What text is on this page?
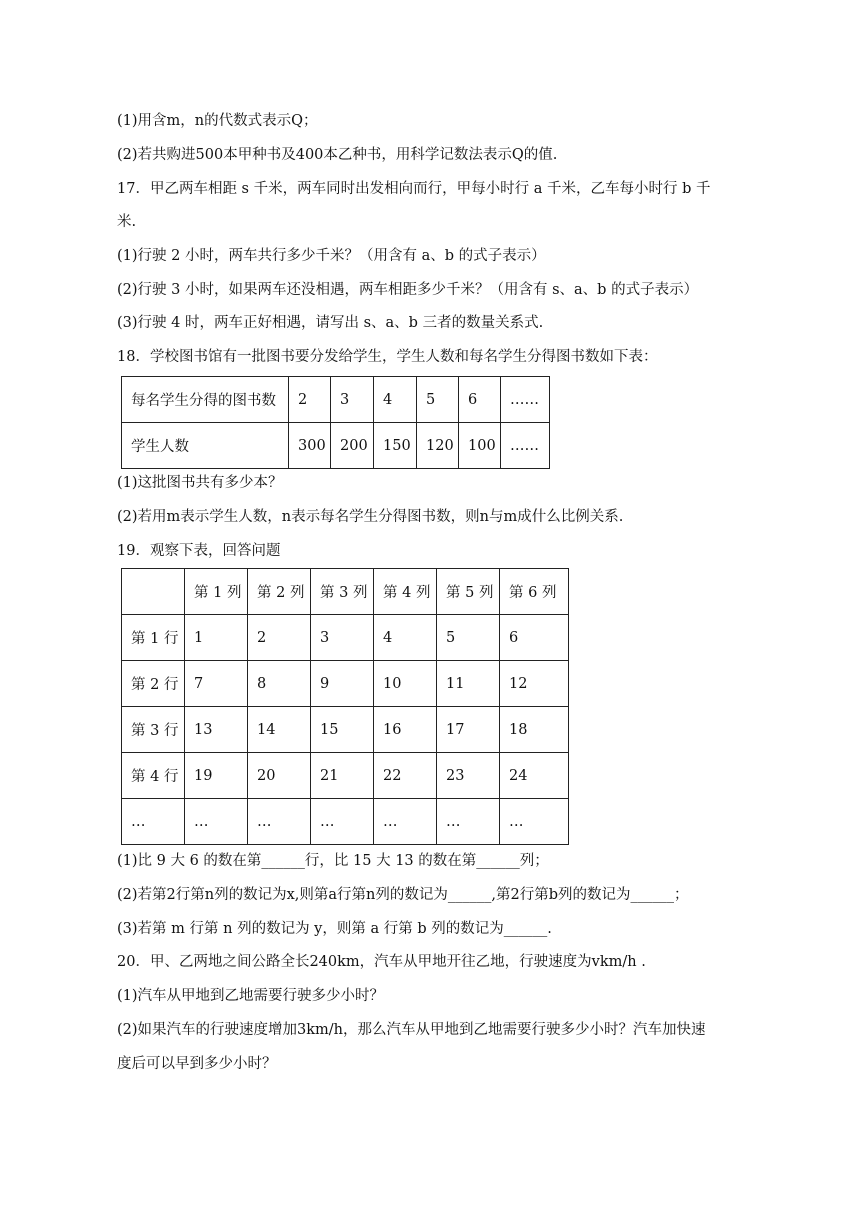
(1)用含m，n的代数式表示Q；
(2)若共购进500本甲种书及400本乙种书，用科学记数法表示Q的值.
17．甲乙两车相距 s 千米，两车同时出发相向而行，甲每小时行 a 千米，乙车每小时行 b 千
米.
(1)行驶 2 小时，两车共行多少千米？（用含有 a、b 的式子表示）
(2)行驶 3 小时，如果两车还没相遇，两车相距多少千米？（用含有 s、a、b 的式子表示）
(3)行驶 4 时，两车正好相遇，请写出 s、a、b 三者的数量关系式.
18．学校图书馆有一批图书要分发给学生，学生人数和每名学生分得图书数如下表：
每名学生分得的图书数	2	3	4	5	6	……
学生人数	300	200	150	120	100	……
(1)这批图书共有多少本？
(2)若用m表示学生人数，n表示每名学生分得图书数，则n与m成什么比例关系.
19．观察下表，回答问题
	第 1 列	第 2 列	第 3 列	第 4 列	第 5 列	第 6 列
第 1 行	1	2	3	4	5	6
第 2 行	7	8	9	10	11	12
第 3 行	13	14	15	16	17	18
第 4 行	19	20	21	22	23	24
…	…	…	…	…	…	…
(1)比 9 大 6 的数在第______行，比 15 大 13 的数在第______列；
(2)若第2行第n列的数记为x,则第a行第n列的数记为______,第2行第b列的数记为______；
(3)若第 m 行第 n 列的数记为 y，则第 a 行第 b 列的数记为______.
20．甲、乙两地之间公路全长240km，汽车从甲地开往乙地，行驶速度为vkm/h .
(1)汽车从甲地到乙地需要行驶多少小时？
(2)如果汽车的行驶速度增加3km/h，那么汽车从甲地到乙地需要行驶多少小时？汽车加快速
度后可以早到多少小时？
